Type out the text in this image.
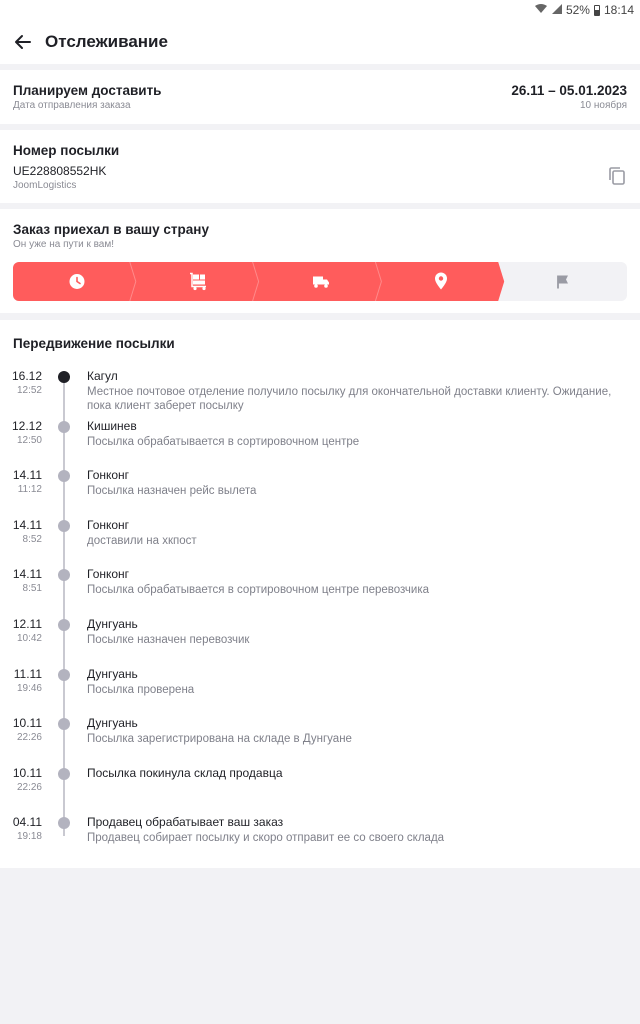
52% 18:14
Отслеживание
Планируем доставить
Дата отправления заказа
26.11 – 05.01.2023
10 ноября
Номер посылки
UE228808552HK
JoomLogistics
Заказ приехал в вашу страну
Он уже на пути к вам!
Передвижение посылки
16.12
12:52
Кагул
Местное почтовое отделение получило посылку для окончательной доставки клиенту. Ожидание, пока клиент заберет посылку
12.12
12:50
Кишинев
Посылка обрабатывается в сортировочном центре
14.11
11:12
Гонконг
Посылка назначен рейс вылета
14.11
8:52
Гонконг
доставили на хкпост
14.11
8:51
Гонконг
Посылка обрабатывается в сортировочном центре перевозчика
12.11
10:42
Дунгуань
Посылке назначен перевозчик
11.11
19:46
Дунгуань
Посылка проверена
10.11
22:26
Дунгуань
Посылка зарегистрирована на складе в Дунгуане
10.11
22:26
Посылка покинула склад продавца
04.11
19:18
Продавец обрабатывает ваш заказ
Продавец собирает посылку и скоро отправит ее со своего склада
